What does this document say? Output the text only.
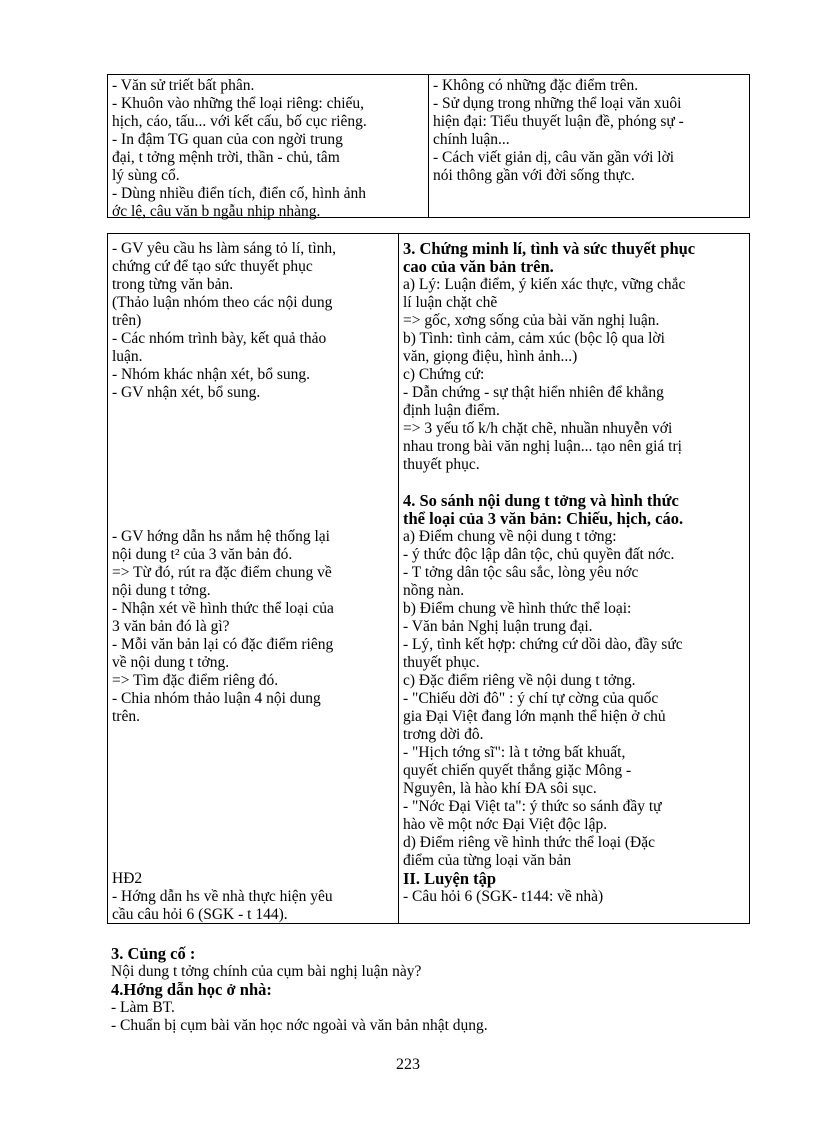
- Văn sử triết bất phân.
- Khuôn vào những thể loại riêng: chiếu,
hịch, cáo, tấu... với kết cấu, bố cục riêng.
- In đậm TG quan của con ngời trung
đại, t tởng mệnh trời, thần - chủ, tâm
lý sùng cổ.
- Dùng nhiều điển tích, điển cố, hình ảnh
ớc lệ, câu văn b ngẫu nhịp nhàng.
- Không có những đặc điểm trên.
- Sử dụng trong những thể loại văn xuôi
hiện đại: Tiểu thuyết luận đề, phóng sự -
chính luận...
- Cách viết giản dị, câu văn gần với lời
nói thông gần với đời sống thực.
- GV yêu cầu hs làm sáng tỏ lí, tình,
chứng cứ để tạo sức thuyết phục
trong từng văn bản.
(Thảo luận nhóm theo các nội dung
trên)
- Các nhóm trình bày, kết quả thảo
luận.
- Nhóm khác nhận xét, bổ sung.
- GV nhận xét, bổ sung.
- GV hớng dẫn hs nắm hệ thống lại
nội dung t² của 3 văn bản đó.
=> Từ đó, rút ra đặc điểm chung về
nội dung t tởng.
- Nhận xét về hình thức thể loại của
3 văn bản đó là gì?
- Mỗi văn bản lại có đặc điểm riêng
về nội dung t tởng.
=> Tìm đặc điểm riêng đó.
- Chia nhóm thảo luận 4 nội dung
trên.
HĐ2
- Hớng dẫn hs về nhà thực hiện yêu
cầu câu hỏi 6 (SGK - t 144).
3. Chứng minh lí, tình và sức thuyết phục
cao của văn bản trên.
a) Lý: Luận điểm, ý kiến xác thực, vững chắc
lí luận chặt chẽ
=> gốc, xơng sống của bài văn nghị luận.
b) Tình: tình cảm, cảm xúc (bộc lộ qua lời
văn, giọng điệu, hình ảnh...)
c) Chứng cứ:
- Dẫn chứng - sự thật hiển nhiên để khẳng
định luận điểm.
=> 3 yếu tố k/h chặt chẽ, nhuần nhuyễn với
nhau trong bài văn nghị luận... tạo nên giá trị
thuyết phục.
4. So sánh nội dung t tởng và hình thức
thể loại của 3 văn bản: Chiếu, hịch, cáo.
a) Điểm chung về nội dung t tởng:
- ý thức độc lập dân tộc, chủ quyền đất nớc.
- T tởng dân tộc sâu sắc, lòng yêu nớc
nồng nàn.
b) Điểm chung về hình thức thể loại:
- Văn bản Nghị luận trung đại.
- Lý, tình kết hợp: chứng cứ dồi dào, đầy sức
thuyết phục.
c) Đặc điểm riêng về nội dung t tởng.
- "Chiếu dời đô" : ý chí tự cờng của quốc
gia Đại Việt đang lớn mạnh thể hiện ở chủ
trơng dời đô.
- "Hịch tớng sĩ": là t tởng bất khuất,
quyết chiến quyết thắng giặc Mông -
Nguyên, là hào khí ĐA sôi sục.
- "Nớc Đại Việt ta": ý thức so sánh đầy tự
hào về một nớc Đại Việt độc lập.
d) Điểm riêng về hình thức thể loại (Đặc
điểm của từng loại văn bản
II. Luyện tập
- Câu hỏi 6 (SGK- t144: về nhà)
3. Củng cố :
Nội dung t tởng chính của cụm bài nghị luận này?
4.Hớng dẫn học ở nhà:
- Làm BT.
- Chuẩn bị cụm bài văn học nớc ngoài và văn bản nhật dụng.
223
